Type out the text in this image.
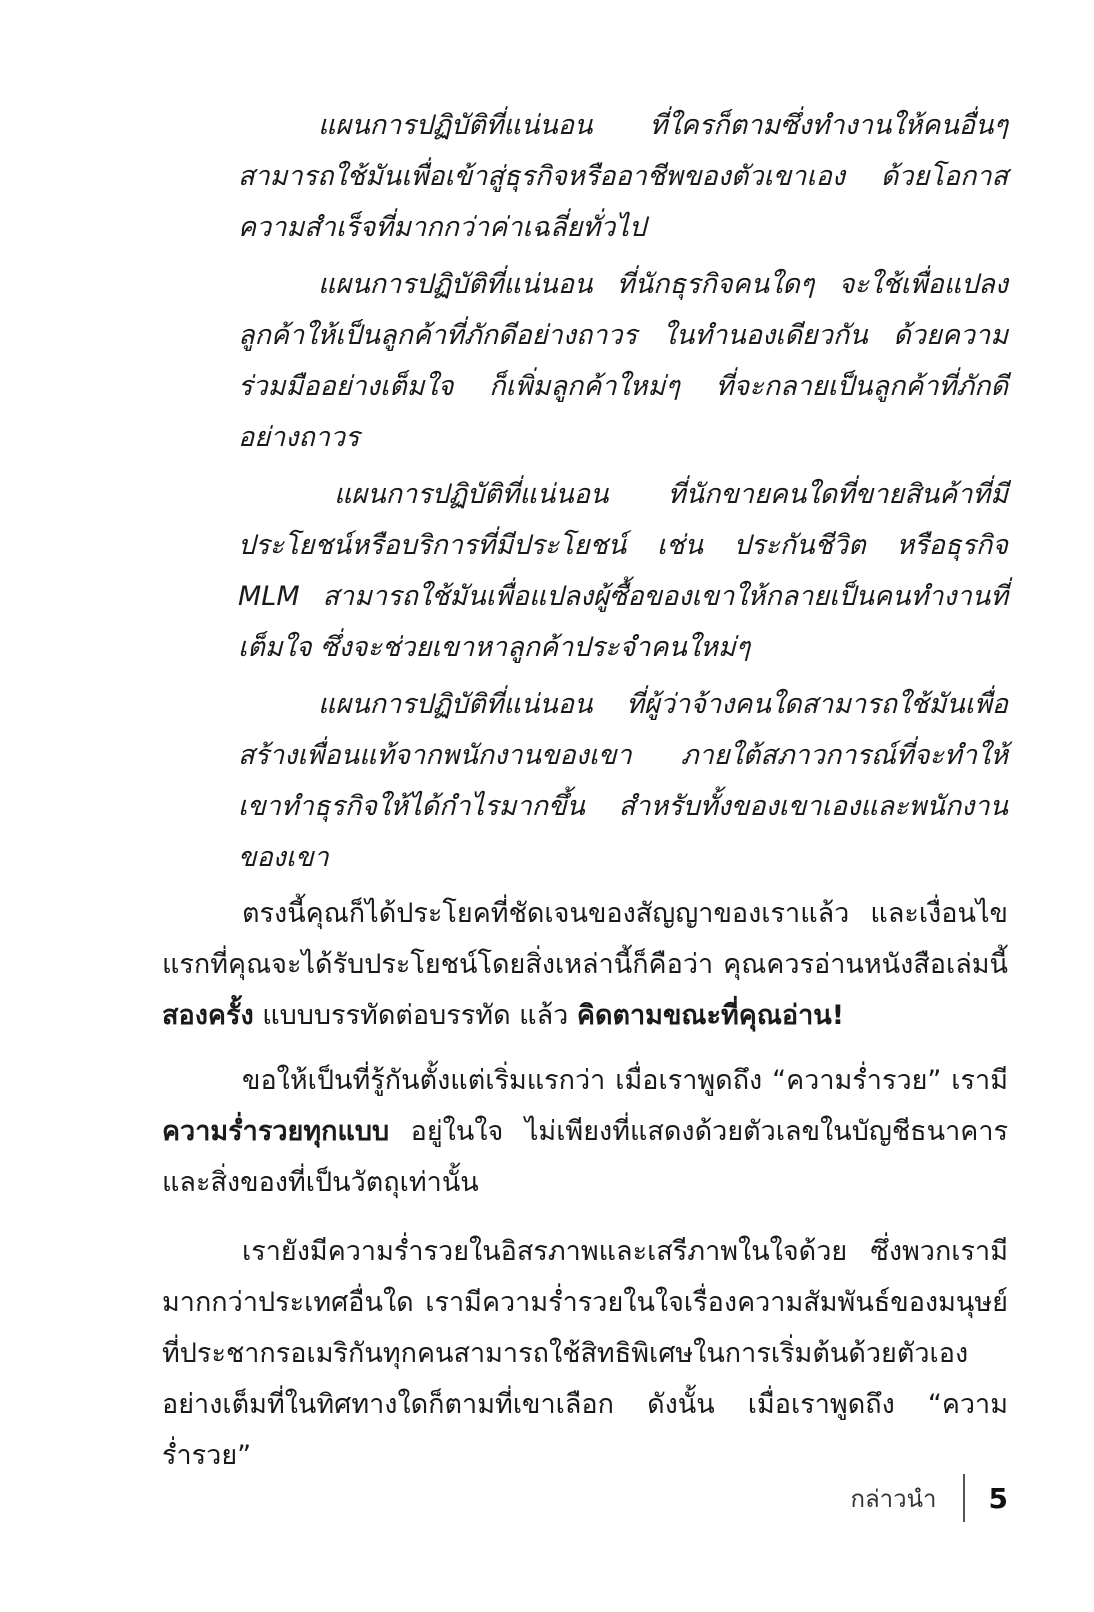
แผนการปฏิบัติที่แน่นอน ที่ใครก็ตามซึ่งทำงานให้คนอื่นๆ สามารถใช้มันเพื่อเข้าสู่ธุรกิจหรืออาชีพของตัวเขาเอง ด้วยโอกาสความสำเร็จที่มากกว่าค่าเฉลี่ยทั่วไป

แผนการปฏิบัติที่แน่นอน ที่นักธุรกิจคนใดๆ จะใช้เพื่อแปลงลูกค้าให้เป็นลูกค้าที่ภักดีอย่างถาวร ในทำนองเดียวกัน ด้วยความร่วมมืออย่างเต็มใจ ก็เพิ่มลูกค้าใหม่ๆ ที่จะกลายเป็นลูกค้าที่ภักดีอย่างถาวร

แผนการปฏิบัติที่แน่นอน ที่นักขายคนใดที่ขายสินค้าที่มีประโยชน์หรือบริการที่มีประโยชน์ เช่น ประกันชีวิต หรือธุรกิจ MLM สามารถใช้มันเพื่อแปลงผู้ซื้อของเขาให้กลายเป็นคนทำงานที่เต็มใจ ซึ่งจะช่วยเขาหาลูกค้าประจำคนใหม่ๆ

แผนการปฏิบัติที่แน่นอน ที่ผู้ว่าจ้างคนใดสามารถใช้มันเพื่อสร้างเพื่อนแท้จากพนักงานของเขา ภายใต้สภาวการณ์ที่จะทำให้เขาทำธุรกิจให้ได้กำไรมากขึ้น สำหรับทั้งของเขาเองและพนักงานของเขา

ตรงนี้คุณก็ได้ประโยคที่ชัดเจนของสัญญาของเราแล้ว และเงื่อนไขแรกที่คุณจะได้รับประโยชน์โดยสิ่งเหล่านี้ก็คือว่า คุณควรอ่านหนังสือเล่มนี้ สองครั้ง แบบบรรทัดต่อบรรทัด แล้ว คิดตามขณะที่คุณอ่าน!

ขอให้เป็นที่รู้กันตั้งแต่เริ่มแรกว่า เมื่อเราพูดถึง “ความร่ำรวย” เรามี ความร่ำรวยทุกแบบ อยู่ในใจ ไม่เพียงที่แสดงด้วยตัวเลขในบัญชีธนาคารและสิ่งของที่เป็นวัตถุเท่านั้น

เรายังมีความร่ำรวยในอิสรภาพและเสรีภาพในใจด้วย ซึ่งพวกเรามีมากกว่าประเทศอื่นใด เรามีความร่ำรวยในใจเรื่องความสัมพันธ์ของมนุษย์ที่ประชากรอเมริกันทุกคนสามารถใช้สิทธิพิเศษในการเริ่มต้นด้วยตัวเองอย่างเต็มที่ในทิศทางใดก็ตามที่เขาเลือก ดังนั้น เมื่อเราพูดถึง “ความร่ำรวย”

กล่าวนำ 5
